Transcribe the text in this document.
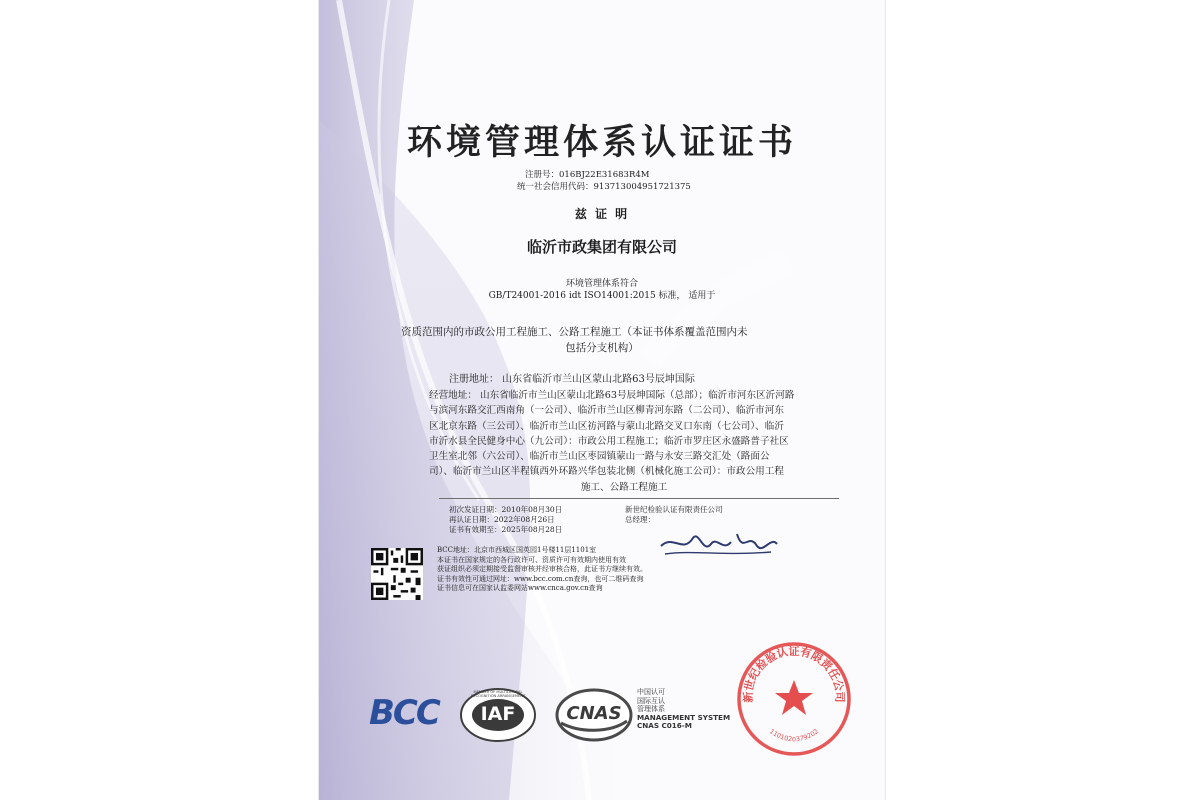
环境管理体系认证证书
注册号：016BJ22E31683R4M
统一社会信用代码：913713004951721375
兹 证 明
临沂市政集团有限公司
环境管理体系符合
GB/T24001-2016 idt ISO14001:2015 标准， 适用于
资质范围内的市政公用工程施工、公路工程施工（本证书体系覆盖范围内未
包括分支机构）
注册地址： 山东省临沂市兰山区蒙山北路63号辰坤国际
经营地址： 山东省临沂市兰山区蒙山北路63号辰坤国际（总部）；临沂市河东区沂河路
与滨河东路交汇西南角（一公司）、临沂市兰山区柳青河东路（二公司）、临沂市河东
区北京东路（三公司）、临沂市兰山区祊河路与蒙山北路交叉口东南（七公司）、临沂
市沂水县全民健身中心（九公司）：市政公用工程施工；临沂市罗庄区永盛路普子社区
卫生室北邻（六公司）、临沂市兰山区枣园镇蒙山一路与永安三路交汇处（路面公
司）、临沂市兰山区半程镇西外环路兴华包装北侧（机械化施工公司）：市政公用工程
施工、公路工程施工
初次发证日期：2010年08月30日
再认证日期：2022年08月26日
证书有效期至：2025年08月28日
新世纪检验认证有限责任公司
总经理：
BCC地址：北京市西城区国英园1号楼11层1101室
本证书在国家规定的各行政许可、资质许可有效期内使用有效
获证组织必须定期接受监督审核并经审核合格，此证书方继续有效。
证书有效性可通过网址：www.bcc.com.cn查询，也可二维码查询
证书信息可在国家认监委网站www.cnca.gov.cn查询
BCC	IAF
MEMBER OF MULTILATERAL RECOGNITION ARRANGEMENT
CNAS
中国认可
国际互认
管理体系
MANAGEMENT SYSTEM
CNAS C016-M
新世纪检验认证有限责任公司
1101020379202
